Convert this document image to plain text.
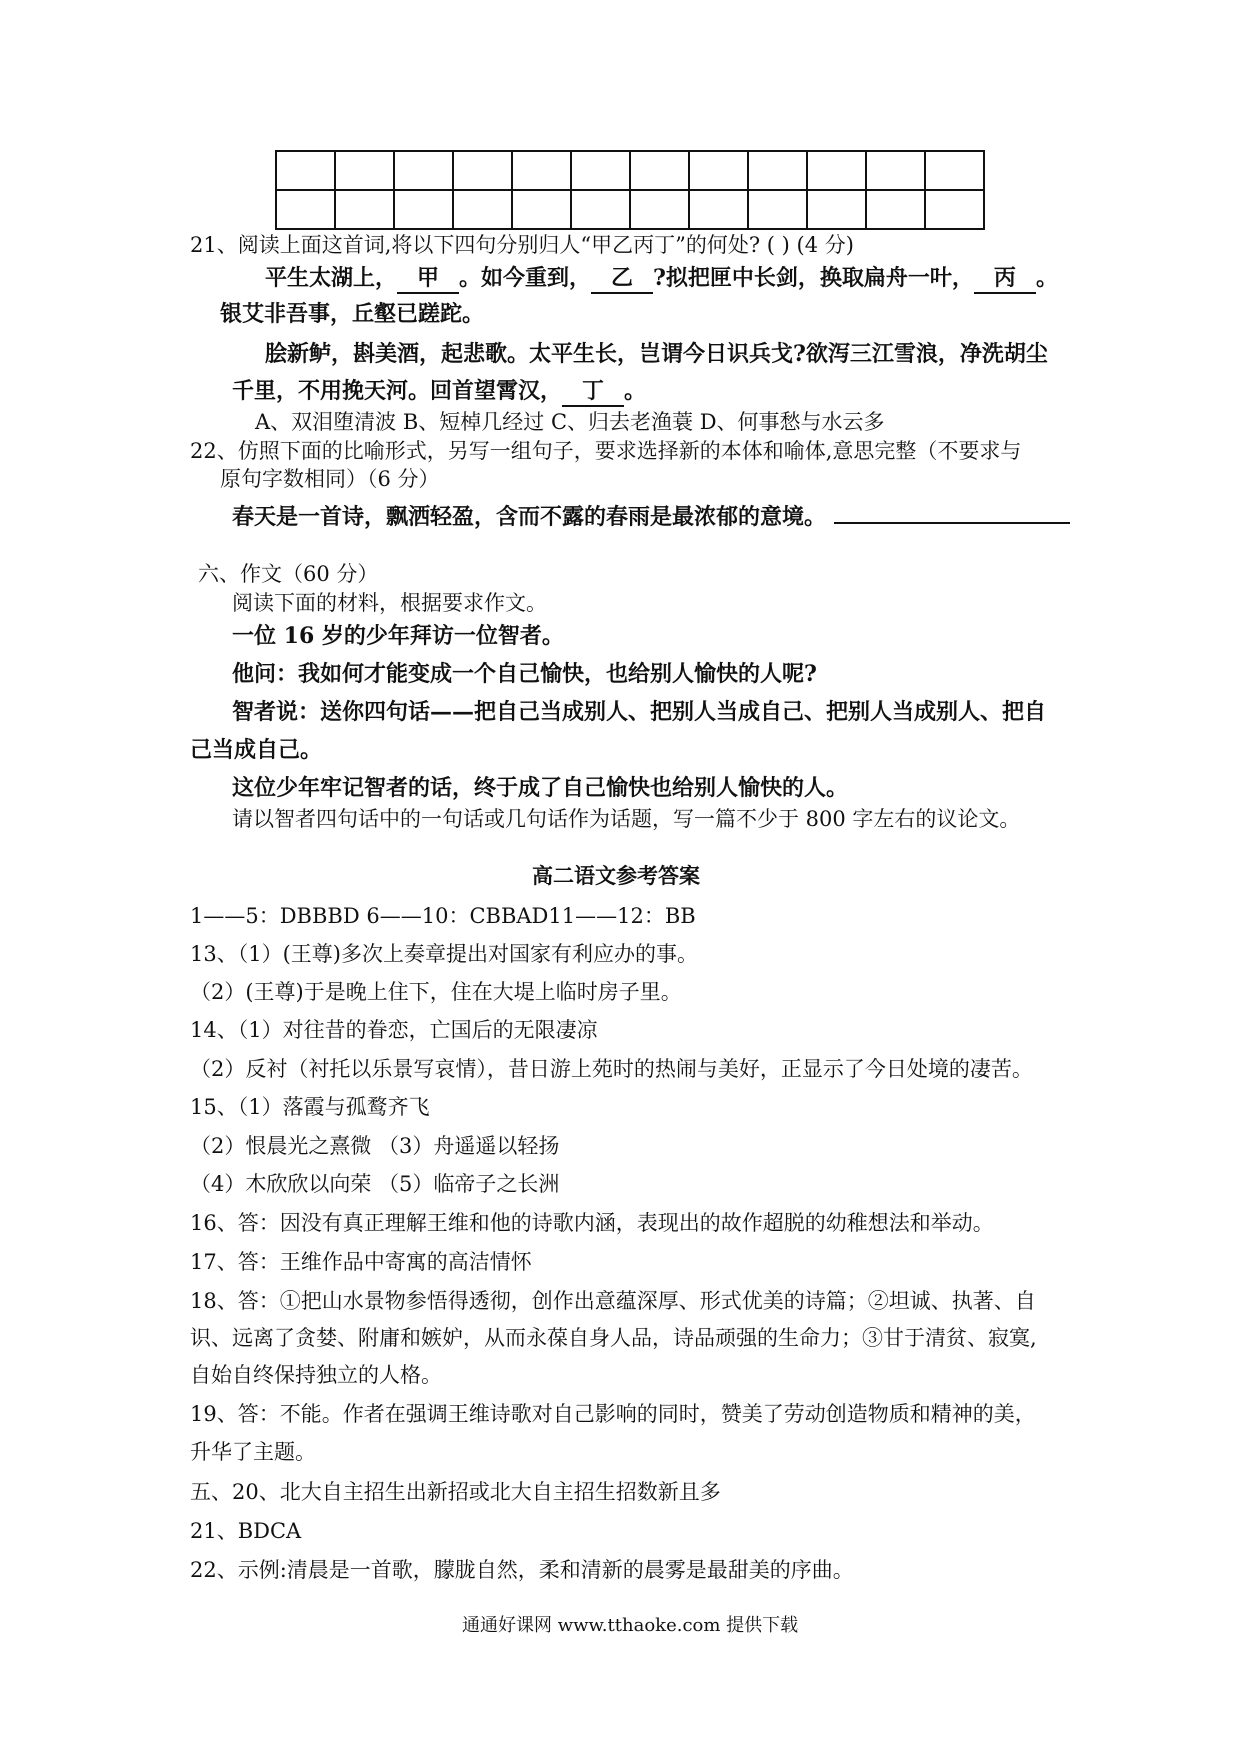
21、阅读上面这首词,将以下四句分别归人“甲乙丙丁”的何处? ( ) (4 分)
平生太湖上， 甲 。如今重到， 乙 ?拟把匣中长剑，换取扁舟一叶， 丙 。
银艾非吾事，丘壑已蹉跎。
脍新鲈，斟美酒，起悲歌。太平生长，岂谓今日识兵戈?欲泻三江雪浪，净洗胡尘
千里，不用挽天河。回首望霄汉， 丁 。
A、双泪堕清波 B、短棹几经过 C、归去老渔蓑 D、何事愁与水云多
22、仿照下面的比喻形式，另写一组句子，要求选择新的本体和喻体,意思完整（不要求与
原句字数相同）（6 分）
春天是一首诗，飘洒轻盈，含而不露的春雨是最浓郁的意境。
六、作文（60 分）
阅读下面的材料，根据要求作文。
一位 16 岁的少年拜访一位智者。
他问：我如何才能变成一个自己愉快，也给别人愉快的人呢?
智者说：送你四句话——把自己当成别人、把别人当成自己、把别人当成别人、把自
己当成自己。
这位少年牢记智者的话，终于成了自己愉快也给别人愉快的人。
请以智者四句话中的一句话或几句话作为话题，写一篇不少于 800 字左右的议论文。
高二语文参考答案
1——5：DBBBD 6——10：CBBAD11——12：BB
13、（1）(王尊)多次上奏章提出对国家有利应办的事。
（2）(王尊)于是晚上住下，住在大堤上临时房子里。
14、（1）对往昔的眷恋，亡国后的无限凄凉
（2）反衬（衬托以乐景写哀情），昔日游上苑时的热闹与美好，正显示了今日处境的凄苦。
15、（1）落霞与孤鹜齐飞
（2）恨晨光之熹微 （3）舟遥遥以轻扬
（4）木欣欣以向荣 （5）临帝子之长洲
16、答：因没有真正理解王维和他的诗歌内涵，表现出的故作超脱的幼稚想法和举动。
17、答：王维作品中寄寓的高洁情怀
18、答：①把山水景物参悟得透彻，创作出意蕴深厚、形式优美的诗篇；②坦诚、执著、自
识、远离了贪婪、附庸和嫉妒，从而永葆自身人品，诗品顽强的生命力；③甘于清贫、寂寞,
自始自终保持独立的人格。
19、答：不能。作者在强调王维诗歌对自己影响的同时，赞美了劳动创造物质和精神的美，
升华了主题。
五、20、北大自主招生出新招或北大自主招生招数新且多
21、BDCA
22、示例:清晨是一首歌，朦胧自然，柔和清新的晨雾是最甜美的序曲。
通通好课网 www.tthaoke.com 提供下载
